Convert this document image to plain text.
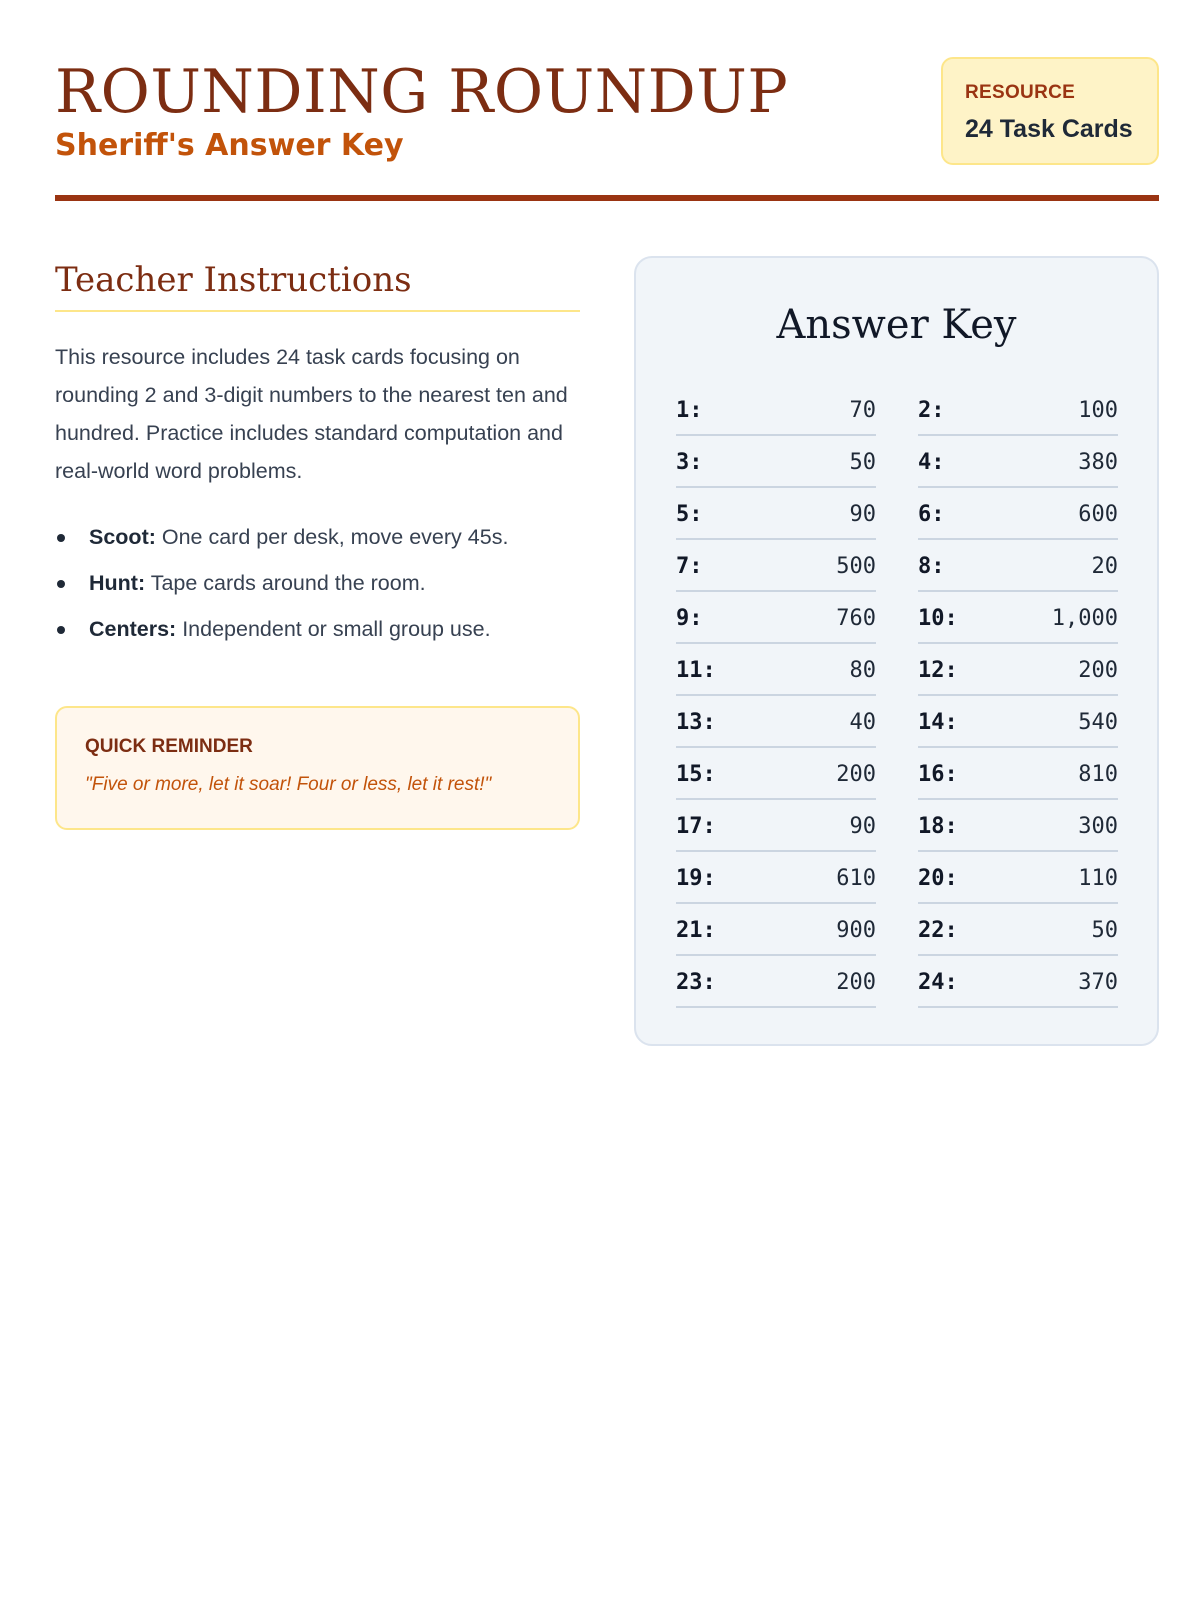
ROUNDING ROUNDUP
Sheriff's Answer Key
RESOURCE
24 Task Cards
Teacher Instructions

This resource includes 24 task cards focusing on rounding 2 and 3-digit numbers to the nearest ten and hundred. Practice includes standard computation and real-world word problems.

Scoot: One card per desk, move every 45s.
Hunt: Tape cards around the room.
Centers: Independent or small group use.
QUICK REMINDER
"Five or more, let it soar! Four or less, let it rest!"
Answer Key
1:	70 2:	100
3:	50 4:	380
5:	90 6:	600
7:	500 8:	20
9:	760 10:	1,000
11:	80 12:	200
13:	40 14:	540
15:	200 16:	810
17:	90 18:	300
19:	610 20:	110
21:	900 22:	50
23:	200 24:	370
